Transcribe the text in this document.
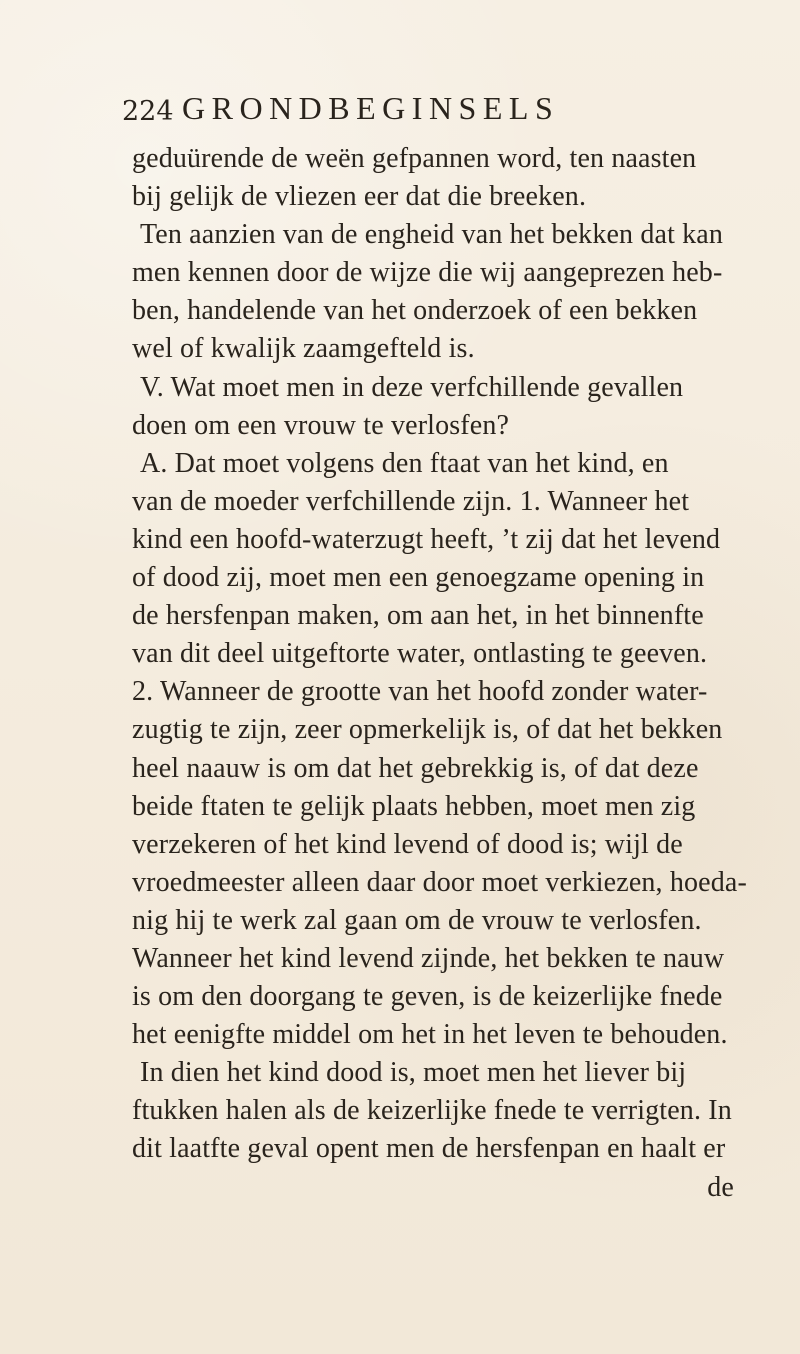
224 GRONDBEGINSELS
geduürende de weën gefpannen word, ten naasten
bij gelijk de vliezen eer dat die breeken.
Ten aanzien van de engheid van het bekken dat kan
men kennen door de wijze die wij aangeprezen heb-
ben, handelende van het onderzoek of een bekken
wel of kwalijk zaamgefteld is.
V. Wat moet men in deze verfchillende gevallen
doen om een vrouw te verlosfen?
A. Dat moet volgens den ftaat van het kind, en
van de moeder verfchillende zijn. 1. Wanneer het
kind een hoofd-waterzugt heeft, ’t zij dat het levend
of dood zij, moet men een genoegzame opening in
de hersfenpan maken, om aan het, in het binnenfte
van dit deel uitgeftorte water, ontlasting te geeven.
2. Wanneer de grootte van het hoofd zonder water-
zugtig te zijn, zeer opmerkelijk is, of dat het bekken
heel naauw is om dat het gebrekkig is, of dat deze
beide ftaten te gelijk plaats hebben, moet men zig
verzekeren of het kind levend of dood is; wijl de
vroedmeester alleen daar door moet verkiezen, hoeda-
nig hij te werk zal gaan om de vrouw te verlosfen.
Wanneer het kind levend zijnde, het bekken te nauw
is om den doorgang te geven, is de keizerlijke fnede
het eenigfte middel om het in het leven te behouden.
In dien het kind dood is, moet men het liever bij
ftukken halen als de keizerlijke fnede te verrigten. In
dit laatfte geval opent men de hersfenpan en haalt er
de
